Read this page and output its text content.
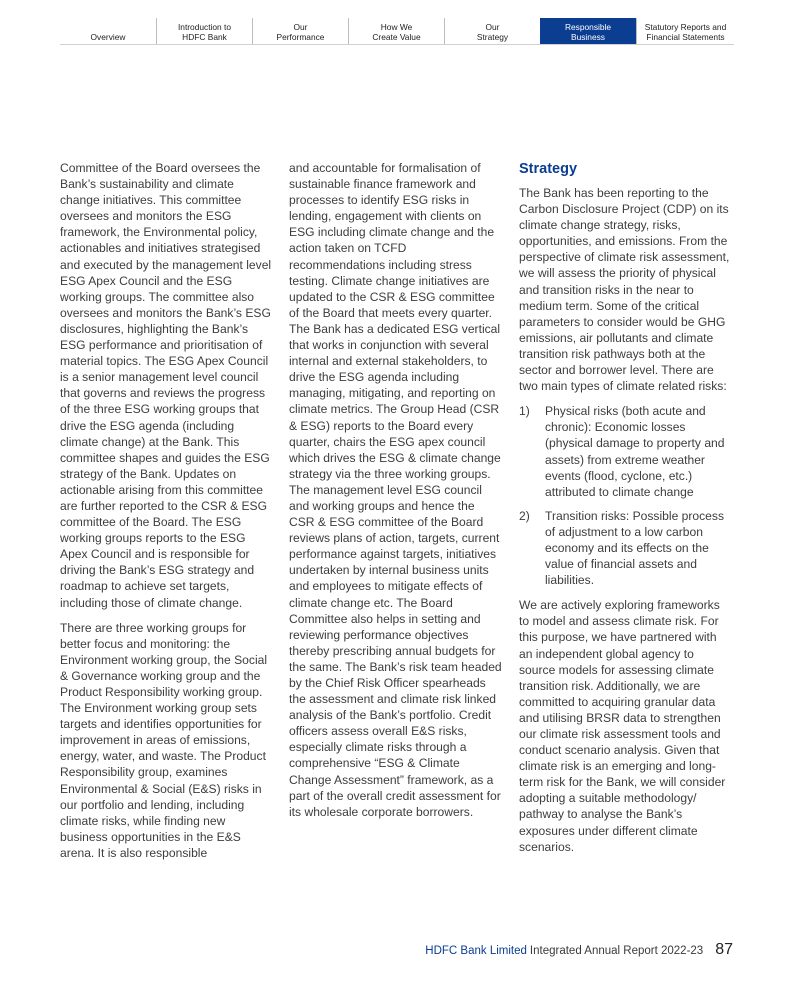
Overview
Introduction to
HDFC Bank
Our
Performance
How We
Create Value
Our
Strategy
Responsible
Business
Statutory Reports and
Financial Statements

Committee of the Board oversees the Bank’s sustainability and climate change initiatives. This committee oversees and monitors the ESG framework, the Environmental policy, actionables and initiatives strategised and executed by the management level ESG Apex Council and the ESG working groups. The committee also oversees and monitors the Bank’s ESG disclosures, highlighting the Bank’s ESG performance and prioritisation of material topics. The ESG Apex Council is a senior management level council that governs and reviews the progress of the three ESG working groups that drive the ESG agenda (including climate change) at the Bank. This committee shapes and guides the ESG strategy of the Bank. Updates on actionable arising from this committee are further reported to the CSR & ESG committee of the Board. The ESG working groups reports to the ESG Apex Council and is responsible for driving the Bank’s ESG strategy and roadmap to achieve set targets, including those of climate change.

There are three working groups for better focus and monitoring: the Environment working group, the Social & Governance working group and the Product Responsibility working group. The Environment working group sets targets and identifies opportunities for improvement in areas of emissions, energy, water, and waste. The Product Responsibility group, examines Environmental & Social (E&S) risks in our portfolio and lending, including climate risks, while finding new business opportunities in the E&S arena. It is also responsible

and accountable for formalisation of sustainable finance framework and processes to identify ESG risks in lending, engagement with clients on ESG including climate change and the action taken on TCFD recommendations including stress testing. Climate change initiatives are updated to the CSR & ESG committee of the Board that meets every quarter. The Bank has a dedicated ESG vertical that works in conjunction with several internal and external stakeholders, to drive the ESG agenda including managing, mitigating, and reporting on climate metrics. The Group Head (CSR & ESG) reports to the Board every quarter, chairs the ESG apex council which drives the ESG & climate change strategy via the three working groups. The management level ESG council and working groups and hence the CSR & ESG committee of the Board reviews plans of action, targets, current performance against targets, initiatives undertaken by internal business units and employees to mitigate effects of climate change etc. The Board Committee also helps in setting and reviewing performance objectives thereby prescribing annual budgets for the same. The Bank’s risk team headed by the Chief Risk Officer spearheads the assessment and climate risk linked analysis of the Bank’s portfolio. Credit officers assess overall E&S risks, especially climate risks through a comprehensive “ESG & Climate Change Assessment” framework, as a part of the overall credit assessment for its wholesale corporate borrowers.

Strategy

The Bank has been reporting to the Carbon Disclosure Project (CDP) on its climate change strategy, risks, opportunities, and emissions. From the perspective of climate risk assessment, we will assess the priority of physical and transition risks in the near to medium term. Some of the critical parameters to consider would be GHG emissions, air pollutants and climate transition risk pathways both at the sector and borrower level. There are two main types of climate related risks:

1)	Physical risks (both acute and chronic): Economic losses (physical damage to property and assets) from extreme weather events (flood, cyclone, etc.) attributed to climate change
2)	Transition risks: Possible process of adjustment to a low carbon economy and its effects on the value of financial assets and liabilities.

We are actively exploring frameworks to model and assess climate risk. For this purpose, we have partnered with an independent global agency to source models for assessing climate transition risk. Additionally, we are committed to acquiring granular data and utilising BRSR data to strengthen our climate risk assessment tools and conduct scenario analysis. Given that climate risk is an emerging and long-term risk for the Bank, we will consider adopting a suitable methodology/ pathway to analyse the Bank’s exposures under different climate scenarios.

HDFC Bank Limited Integrated Annual Report 2022-23 87
